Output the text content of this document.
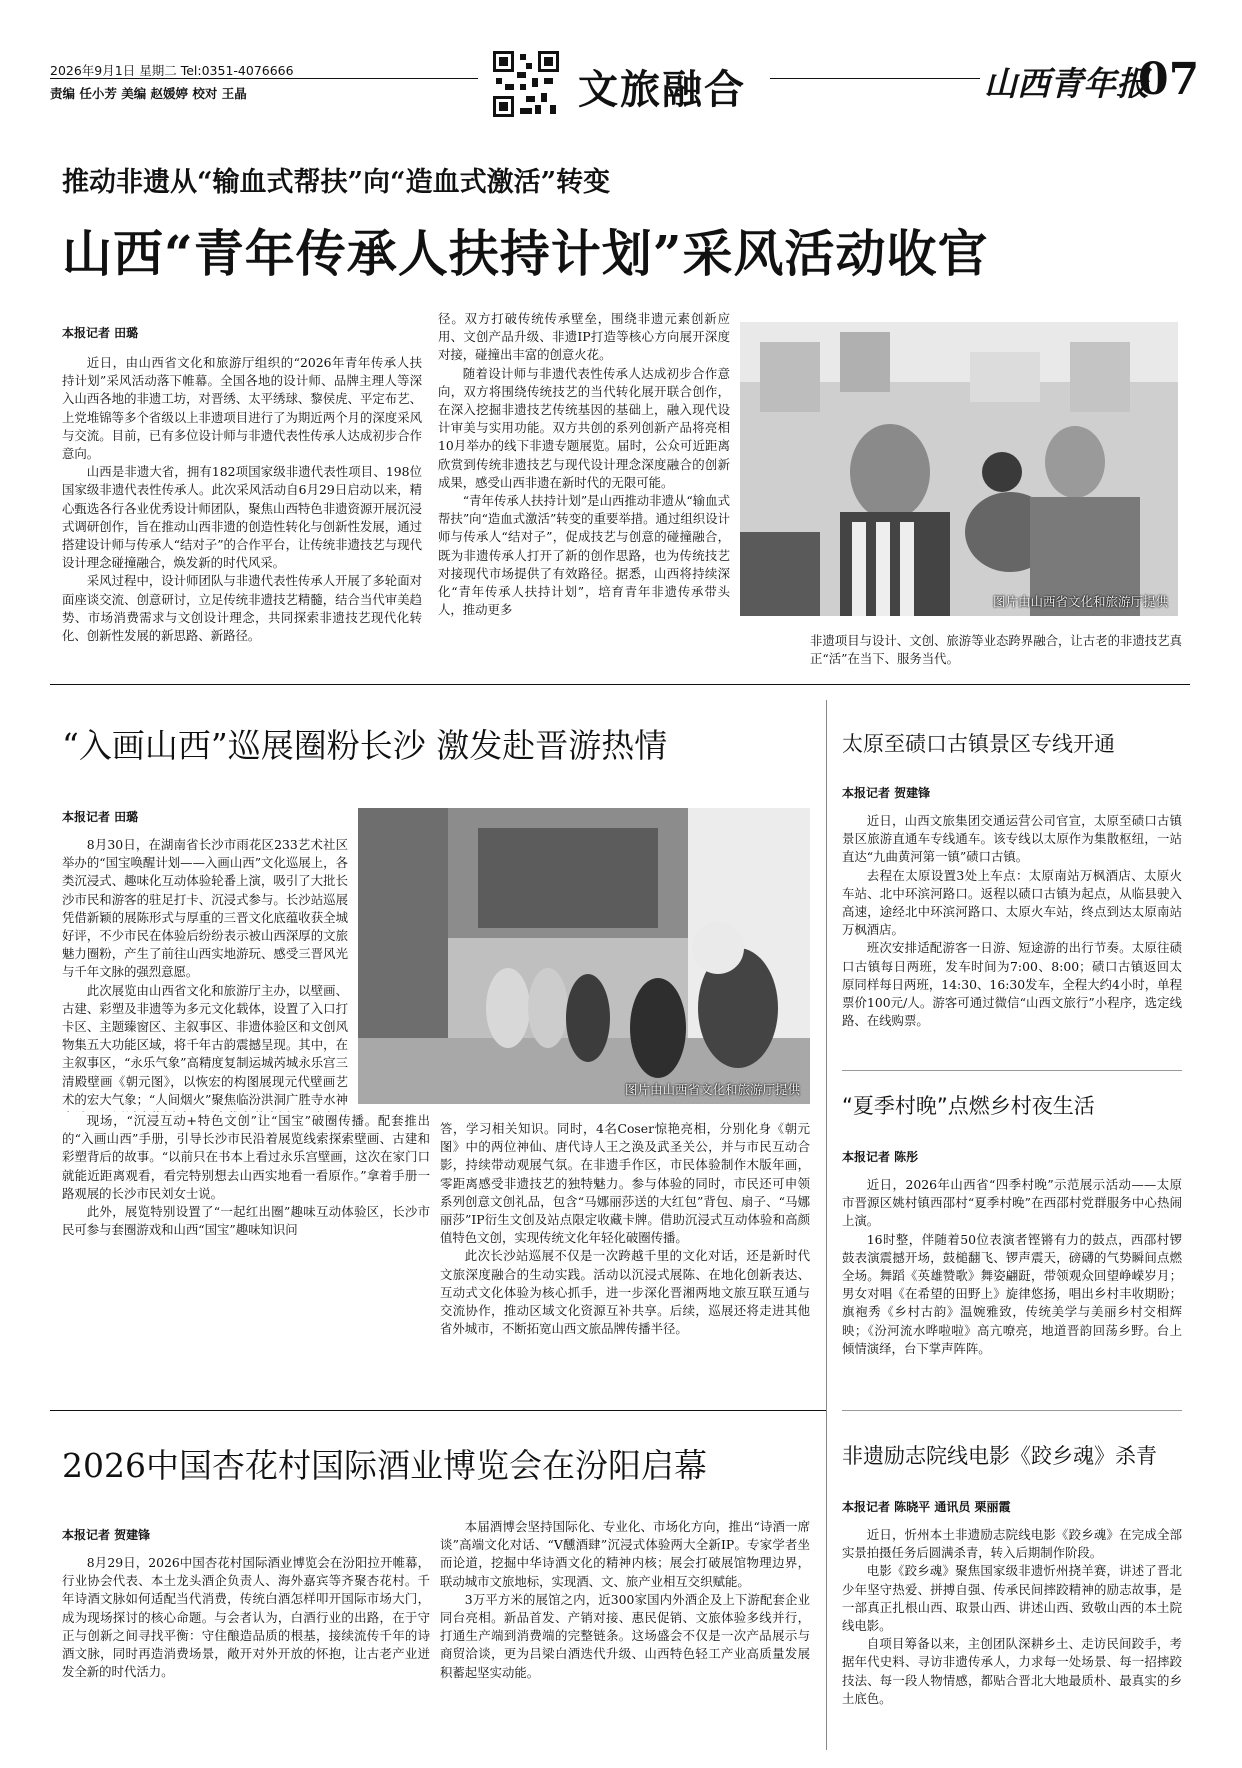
2026年9月1日 星期二 Tel:0351-4076666
责编 任小芳 美编 赵媛婷 校对 王晶	文旅融合	山西青年报
07
推动非遗从“输血式帮扶”向“造血式激活”转变
山西“青年传承人扶持计划”采风活动收官
本报记者 田璐

近日，由山西省文化和旅游厅组织的“2026年青年传承人扶持计划”采风活动落下帷幕。全国各地的设计师、品牌主理人等深入山西各地的非遗工坊，对晋绣、太平绣球、黎侯虎、平定布艺、上党堆锦等多个省级以上非遗项目进行了为期近两个月的深度采风与交流。目前，已有多位设计师与非遗代表性传承人达成初步合作意向。

山西是非遗大省，拥有182项国家级非遗代表性项目、198位国家级非遗代表性传承人。此次采风活动自6月29日启动以来，精心甄选各行各业优秀设计师团队，聚焦山西特色非遗资源开展沉浸式调研创作，旨在推动山西非遗的创造性转化与创新性发展，通过搭建设计师与传承人“结对子”的合作平台，让传统非遗技艺与现代设计理念碰撞融合，焕发新的时代风采。

采风过程中，设计师团队与非遗代表性传承人开展了多轮面对面座谈交流、创意研讨，立足传统非遗技艺精髓，结合当代审美趋势、市场消费需求与文创设计理念，共同探索非遗技艺现代化转化、创新性发展的新思路、新路径。

径。双方打破传统传承壁垒，围绕非遗元素创新应用、文创产品升级、非遗IP打造等核心方向展开深度对接，碰撞出丰富的创意火花。

随着设计师与非遗代表性传承人达成初步合作意向，双方将围绕传统技艺的当代转化展开联合创作，在深入挖掘非遗技艺传统基因的基础上，融入现代设计审美与实用功能。双方共创的系列创新产品将亮相10月举办的线下非遗专题展览。届时，公众可近距离欣赏到传统非遗技艺与现代设计理念深度融合的创新成果，感受山西非遗在新时代的无限可能。

“青年传承人扶持计划”是山西推动非遗从“输血式帮扶”向“造血式激活”转变的重要举措。通过组织设计师与传承人“结对子”，促成技艺与创意的碰撞融合，既为非遗传承人打开了新的创作思路，也为传统技艺对接现代市场提供了有效路径。据悉，山西将持续深化“青年传承人扶持计划”，培育青年非遗传承带头人，推动更多

图片由山西省文化和旅游厅提供

非遗项目与设计、文创、旅游等业态跨界融合，让古老的非遗技艺真正“活”在当下、服务当代。

“入画山西”巡展圈粉长沙 激发赴晋游热情
本报记者 田璐
图片由山西省文化和旅游厅提供

8月30日，在湖南省长沙市雨花区233艺术社区举办的“国宝唤醒计划——入画山西”文化巡展上，各类沉浸式、趣味化互动体验轮番上演，吸引了大批长沙市民和游客的驻足打卡、沉浸式参与。长沙站巡展凭借新颖的展陈形式与厚重的三晋文化底蕴收获全城好评，不少市民在体验后纷纷表示被山西深厚的文旅魅力圈粉，产生了前往山西实地游玩、感受三晋风光与千年文脉的强烈意愿。

此次展览由山西省文化和旅游厅主办，以壁画、古建、彩塑及非遗等为多元文化载体，设置了入口打卡区、主题臻窗区、主叙事区、非遗体验区和文创风物集五大功能区域，将千年古韵震撼呈现。其中，在主叙事区，“永乐气象”高精度复制运城芮城永乐宫三清殿壁画《朝元图》，以恢宏的构图展现元代壁画艺术的宏大气象；“人间烟火”聚焦临汾洪洞广胜寺水神

现场，“沉浸互动+特色文创”让“国宝”破圈传播。配套推出的“入画山西”手册，引导长沙市民沿着展览线索探索壁画、古建和彩塑背后的故事。“以前只在书本上看过永乐宫壁画，这次在家门口就能近距离观看，看完特别想去山西实地看一看原作。”拿着手册一路观展的长沙市民刘女士说。

此外，展览特别设置了“一起红出圈”趣味互动体验区，长沙市民可参与套圈游戏和山西“国宝”趣味知识问

答，学习相关知识。同时，4名Coser惊艳亮相，分别化身《朝元图》中的两位神仙、唐代诗人王之涣及武圣关公，并与市民互动合影，持续带动观展气氛。在非遗手作区，市民体验制作木版年画，零距离感受非遗技艺的独特魅力。参与体验的同时，市民还可申领系列创意文创礼品，包含“马娜丽莎送的大红包”背包、扇子、“马娜丽莎”IP衍生文创及站点限定收藏卡牌。借助沉浸式互动体验和高颜值特色文创，实现传统文化年轻化破圈传播。

此次长沙站巡展不仅是一次跨越千里的文化对话，还是新时代文旅深度融合的生动实践。活动以沉浸式展陈、在地化创新表达、互动式文化体验为核心抓手，进一步深化晋湘两地文旅互联互通与交流协作，推动区域文化资源互补共享。后续，巡展还将走进其他省外城市，不断拓宽山西文旅品牌传播半径。

太原至碛口古镇景区专线开通
本报记者 贺建锋

近日，山西文旅集团交通运营公司官宣，太原至碛口古镇景区旅游直通车专线通车。该专线以太原作为集散枢纽，一站直达“九曲黄河第一镇”碛口古镇。

去程在太原设置3处上车点：太原南站万枫酒店、太原火车站、北中环滨河路口。返程以碛口古镇为起点，从临县驶入高速，途经北中环滨河路口、太原火车站，终点到达太原南站万枫酒店。

班次安排适配游客一日游、短途游的出行节奏。太原往碛口古镇每日两班，发车时间为7:00、8:00；碛口古镇返回太原同样每日两班，14:30、16:30发车，全程大约4小时，单程票价100元/人。游客可通过微信“山西文旅行”小程序，选定线路、在线购票。

“夏季村晚”点燃乡村夜生活
本报记者 陈彤

近日，2026年山西省“四季村晚”示范展示活动——太原市晋源区姚村镇西邵村“夏季村晚”在西邵村党群服务中心热闹上演。

16时整，伴随着50位表演者铿锵有力的鼓点，西邵村锣鼓表演震撼开场，鼓槌翻飞、锣声震天，磅礴的气势瞬间点燃全场。舞蹈《英雄赞歌》舞姿翩跹，带领观众回望峥嵘岁月；男女对唱《在希望的田野上》旋律悠扬，唱出乡村丰收期盼；旗袍秀《乡村古韵》温婉雅致，传统美学与美丽乡村交相辉映；《汾河流水哗啦啦》高亢嘹亮，地道晋韵回荡乡野。台上倾情演绎，台下掌声阵阵。

2026中国杏花村国际酒业博览会在汾阳启幕
本报记者 贺建锋

8月29日，2026中国杏花村国际酒业博览会在汾阳拉开帷幕，行业协会代表、本土龙头酒企负责人、海外嘉宾等齐聚杏花村。千年诗酒文脉如何适配当代消费，传统白酒怎样叩开国际市场大门，成为现场探讨的核心命题。与会者认为，白酒行业的出路，在于守正与创新之间寻找平衡：守住酿造品质的根基，接续流传千年的诗酒文脉，同时再造消费场景，敞开对外开放的怀抱，让古老产业迸发全新的时代活力。

本届酒博会坚持国际化、专业化、市场化方向，推出“诗酒一席谈”高端文化对话、“V醺酒肆”沉浸式体验两大全新IP。专家学者坐而论道，挖掘中华诗酒文化的精神内核；展会打破展馆物理边界，联动城市文旅地标，实现酒、文、旅产业相互交织赋能。

3万平方米的展馆之内，近300家国内外酒企及上下游配套企业同台亮相。新品首发、产销对接、惠民促销、文旅体验多线并行，打通生产端到消费端的完整链条。这场盛会不仅是一次产品展示与商贸洽谈，更为吕梁白酒迭代升级、山西特色轻工产业高质量发展积蓄起坚实动能。

非遗励志院线电影《跤乡魂》杀青
本报记者 陈晓平 通讯员 栗丽霞

近日，忻州本土非遗励志院线电影《跤乡魂》在完成全部实景拍摄任务后圆满杀青，转入后期制作阶段。

电影《跤乡魂》聚焦国家级非遗忻州挠羊赛，讲述了晋北少年坚守热爱、拼搏自强、传承民间摔跤精神的励志故事，是一部真正扎根山西、取景山西、讲述山西、致敬山西的本土院线电影。

自项目筹备以来，主创团队深耕乡土、走访民间跤手，考据年代史料、寻访非遗传承人，力求每一处场景、每一招摔跤技法、每一段人物情感，都贴合晋北大地最质朴、最真实的乡土底色。
